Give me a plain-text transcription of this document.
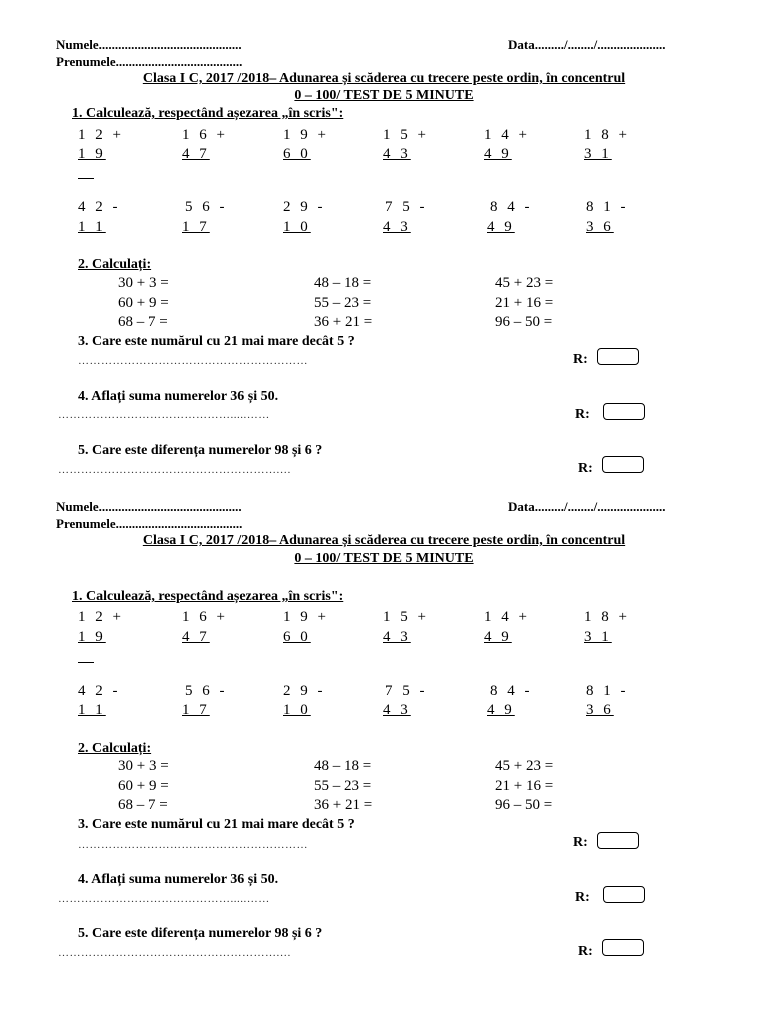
Numele............................................	Data........./......../.....................
Prenumele.......................................
Clasa I C, 2017 /2018– Adunarea și scăderea cu trecere peste ordin, în concentrul
0 – 100/ TEST DE 5 MINUTE
1. Calculează, respectând așezarea „în scris":
1 2 +
1 9
1 6 +
4 7
1 9 +
6 0
1 5 +
4 3
1 4 +
4 9
1 8 +
3 1
4 2 -
1 1
5 6 -
1 7
2 9 -
1 0
7 5 -
4 3
8 4 -
4 9
8 1 -
3 6
2. Calculați:
30 + 3 =	48 – 18 =	45 + 23 =
60 + 9 =	55 – 23 =	21 + 16 =
68 – 7 =	36 + 21 =	96 – 50 =
3. Care este numărul cu 21 mai mare decât 5 ?
……………………………………………………	R:
4. Aflați suma numerelor 36 și 50.
……………………………………….....……	R:
5. Care este diferența numerelor 98 și 6 ?
………………………………………………….…	R:
Numele............................................	Data........./......../.....................
Prenumele.......................................
Clasa I C, 2017 /2018– Adunarea și scăderea cu trecere peste ordin, în concentrul
0 – 100/ TEST DE 5 MINUTE
1. Calculează, respectând așezarea „în scris":
1 2 +
1 9
1 6 +
4 7
1 9 +
6 0
1 5 +
4 3
1 4 +
4 9
1 8 +
3 1
4 2 -
1 1
5 6 -
1 7
2 9 -
1 0
7 5 -
4 3
8 4 -
4 9
8 1 -
3 6
2. Calculați:
30 + 3 =	48 – 18 =	45 + 23 =
60 + 9 =	55 – 23 =	21 + 16 =
68 – 7 =	36 + 21 =	96 – 50 =
3. Care este numărul cu 21 mai mare decât 5 ?
……………………………………………………	R:
4. Aflați suma numerelor 36 și 50.
……………………………………….....……	R:
5. Care este diferența numerelor 98 și 6 ?
………………………………………………….…	R:
